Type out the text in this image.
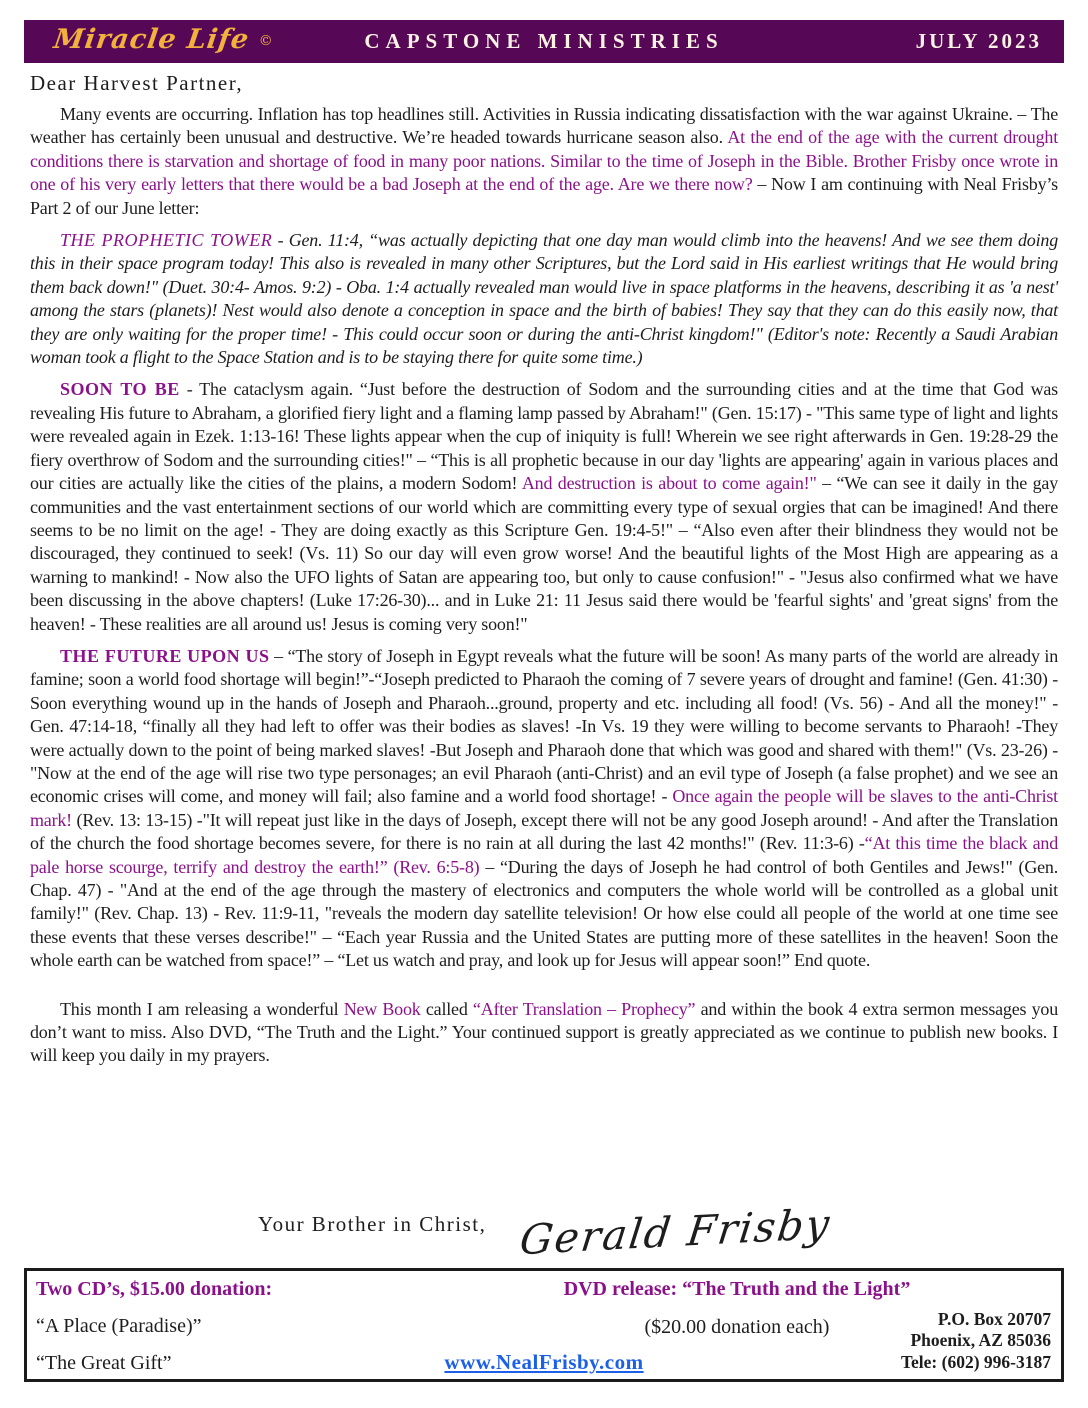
Miracle Life ©	CAPSTONE MINISTRIES	JULY 2023
Dear Harvest Partner,

Many events are occurring. Inflation has top headlines still. Activities in Russia indicating dissatisfaction with the war against Ukraine. – The weather has certainly been unusual and destructive. We’re headed towards hurricane season also. At the end of the age with the current drought conditions there is starvation and shortage of food in many poor nations. Similar to the time of Joseph in the Bible. Brother Frisby once wrote in one of his very early letters that there would be a bad Joseph at the end of the age. Are we there now? – Now I am continuing with Neal Frisby’s Part 2 of our June letter:

THE PROPHETIC TOWER - Gen. 11:4, “was actually depicting that one day man would climb into the heavens! And we see them doing this in their space program today! This also is revealed in many other Scriptures, but the Lord said in His earliest writings that He would bring them back down!" (Duet. 30:4- Amos. 9:2) - Oba. 1:4 actually revealed man would live in space platforms in the heavens, describing it as 'a nest' among the stars (planets)! Nest would also denote a conception in space and the birth of babies! They say that they can do this easily now, that they are only waiting for the proper time! - This could occur soon or during the anti-Christ kingdom!" (Editor's note: Recently a Saudi Arabian woman took a flight to the Space Station and is to be staying there for quite some time.)

SOON TO BE - The cataclysm again. “Just before the destruction of Sodom and the surrounding cities and at the time that God was revealing His future to Abraham, a glorified fiery light and a flaming lamp passed by Abraham!" (Gen. 15:17) - "This same type of light and lights were revealed again in Ezek. 1:13-16! These lights appear when the cup of iniquity is full! Wherein we see right afterwards in Gen. 19:28-29 the fiery overthrow of Sodom and the surrounding cities!" – “This is all prophetic because in our day 'lights are appearing' again in various places and our cities are actually like the cities of the plains, a modern Sodom! And destruction is about to come again!" – “We can see it daily in the gay communities and the vast entertainment sections of our world which are committing every type of sexual orgies that can be imagined! And there seems to be no limit on the age! - They are doing exactly as this Scripture Gen. 19:4-5!" – “Also even after their blindness they would not be discouraged, they continued to seek! (Vs. 11) So our day will even grow worse! And the beautiful lights of the Most High are appearing as a warning to mankind! - Now also the UFO lights of Satan are appearing too, but only to cause confusion!" - "Jesus also confirmed what we have been discussing in the above chapters! (Luke 17:26-30)... and in Luke 21: 11 Jesus said there would be 'fearful sights' and 'great signs' from the heaven! - These realities are all around us! Jesus is coming very soon!"

THE FUTURE UPON US – “The story of Joseph in Egypt reveals what the future will be soon! As many parts of the world are already in famine; soon a world food shortage will begin!”-“Joseph predicted to Pharaoh the coming of 7 severe years of drought and famine! (Gen. 41:30) - Soon everything wound up in the hands of Joseph and Pharaoh...ground, property and etc. including all food! (Vs. 56) - And all the money!" - Gen. 47:14-18, “finally all they had left to offer was their bodies as slaves! -In Vs. 19 they were willing to become servants to Pharaoh! -They were actually down to the point of being marked slaves! -But Joseph and Pharaoh done that which was good and shared with them!" (Vs. 23-26) -"Now at the end of the age will rise two type personages; an evil Pharaoh (anti-Christ) and an evil type of Joseph (a false prophet) and we see an economic crises will come, and money will fail; also famine and a world food shortage! - Once again the people will be slaves to the anti-Christ mark! (Rev. 13: 13-15) -"It will repeat just like in the days of Joseph, except there will not be any good Joseph around! - And after the Translation of the church the food shortage becomes severe, for there is no rain at all during the last 42 months!" (Rev. 11:3-6) -“At this time the black and pale horse scourge, terrify and destroy the earth!” (Rev. 6:5-8) – “During the days of Joseph he had control of both Gentiles and Jews!" (Gen. Chap. 47) - "And at the end of the age through the mastery of electronics and computers the whole world will be controlled as a global unit family!" (Rev. Chap. 13) - Rev. 11:9-11, "reveals the modern day satellite television! Or how else could all people of the world at one time see these events that these verses describe!" – “Each year Russia and the United States are putting more of these satellites in the heaven! Soon the whole earth can be watched from space!” – “Let us watch and pray, and look up for Jesus will appear soon!” End quote.

This month I am releasing a wonderful New Book called “After Translation – Prophecy” and within the book 4 extra sermon messages you don’t want to miss. Also DVD, “The Truth and the Light.” Your continued support is greatly appreciated as we continue to publish new books. I will keep you daily in my prayers.

Your Brother in Christ, Gerald Frisby
Two CD’s, $15.00 donation:
“A Place (Paradise)”
“The Great Gift”
DVD release: “The Truth and the Light”
($20.00 donation each)
www.NealFrisby.com
P.O. Box 20707
Phoenix, AZ 85036
Tele: (602) 996-3187
